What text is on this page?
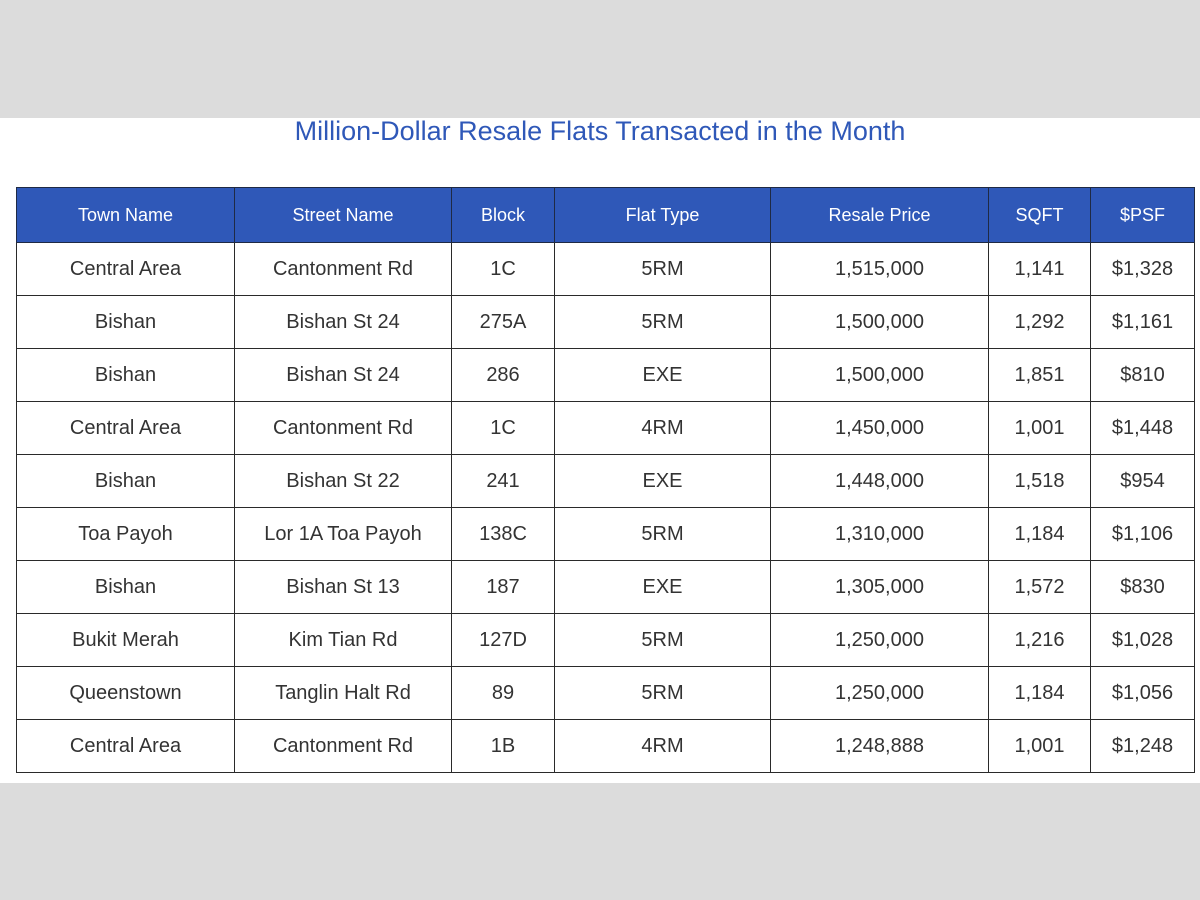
Million-Dollar Resale Flats Transacted in the Month
Town Name	Street Name	Block	Flat Type	Resale Price	SQFT	$PSF
Central Area	Cantonment Rd	1C	5RM	1,515,000	1,141	$1,328
Bishan	Bishan St 24	275A	5RM	1,500,000	1,292	$1,161
Bishan	Bishan St 24	286	EXE	1,500,000	1,851	$810
Central Area	Cantonment Rd	1C	4RM	1,450,000	1,001	$1,448
Bishan	Bishan St 22	241	EXE	1,448,000	1,518	$954
Toa Payoh	Lor 1A Toa Payoh	138C	5RM	1,310,000	1,184	$1,106
Bishan	Bishan St 13	187	EXE	1,305,000	1,572	$830
Bukit Merah	Kim Tian Rd	127D	5RM	1,250,000	1,216	$1,028
Queenstown	Tanglin Halt Rd	89	5RM	1,250,000	1,184	$1,056
Central Area	Cantonment Rd	1B	4RM	1,248,888	1,001	$1,248
